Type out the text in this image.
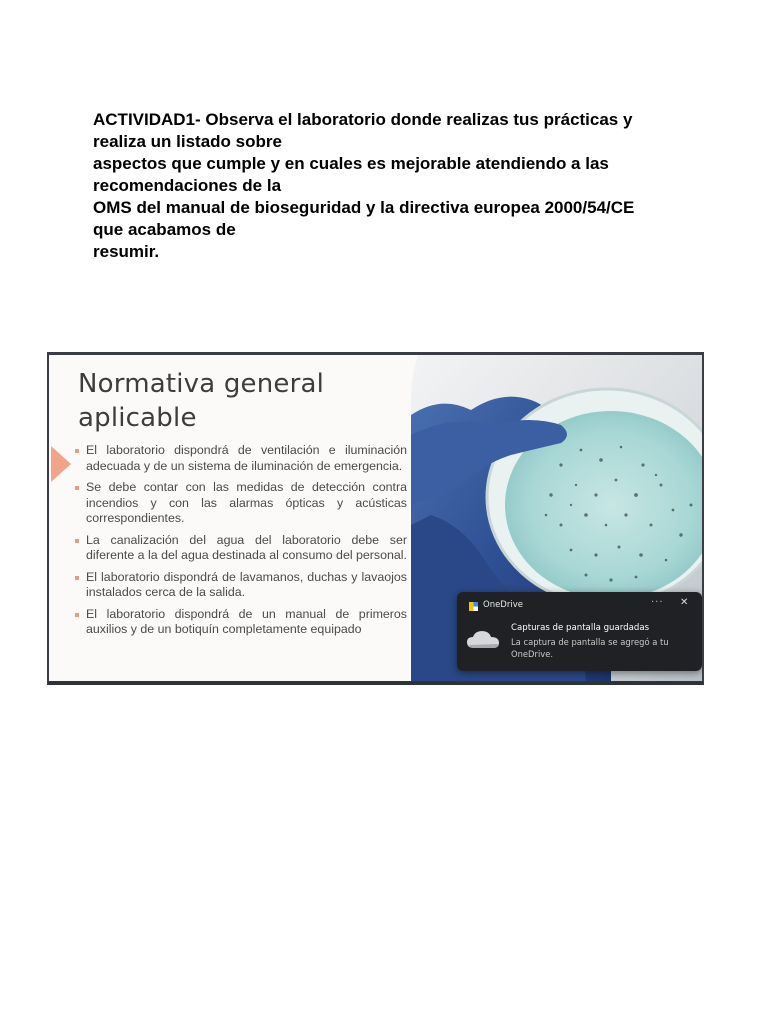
ACTIVIDAD1- Observa el laboratorio donde realizas tus prácticas y
realiza un listado sobre
aspectos que cumple y en cuales es mejorable atendiendo a las
recomendaciones de la
OMS del manual de bioseguridad y la directiva europea 2000/54/CE
que acabamos de
resumir.
Normativa general
aplicable
El laboratorio dispondrá de ventilación e iluminación adecuada y de un sistema de iluminación de emergencia.
Se debe contar con las medidas de detección contra incendios y con las alarmas ópticas y acústicas correspondientes.
La canalización del agua del laboratorio debe ser diferente a la del agua destinada al consumo del personal.
El laboratorio dispondrá de lavamanos, duchas y lavaojos instalados cerca de la salida.
El laboratorio dispondrá de un manual de primeros auxilios y de un botiquín completamente equipado
OneDrive	··· ✕
Capturas de pantalla guardadas
La captura de pantalla se agregó a tu OneDrive.
